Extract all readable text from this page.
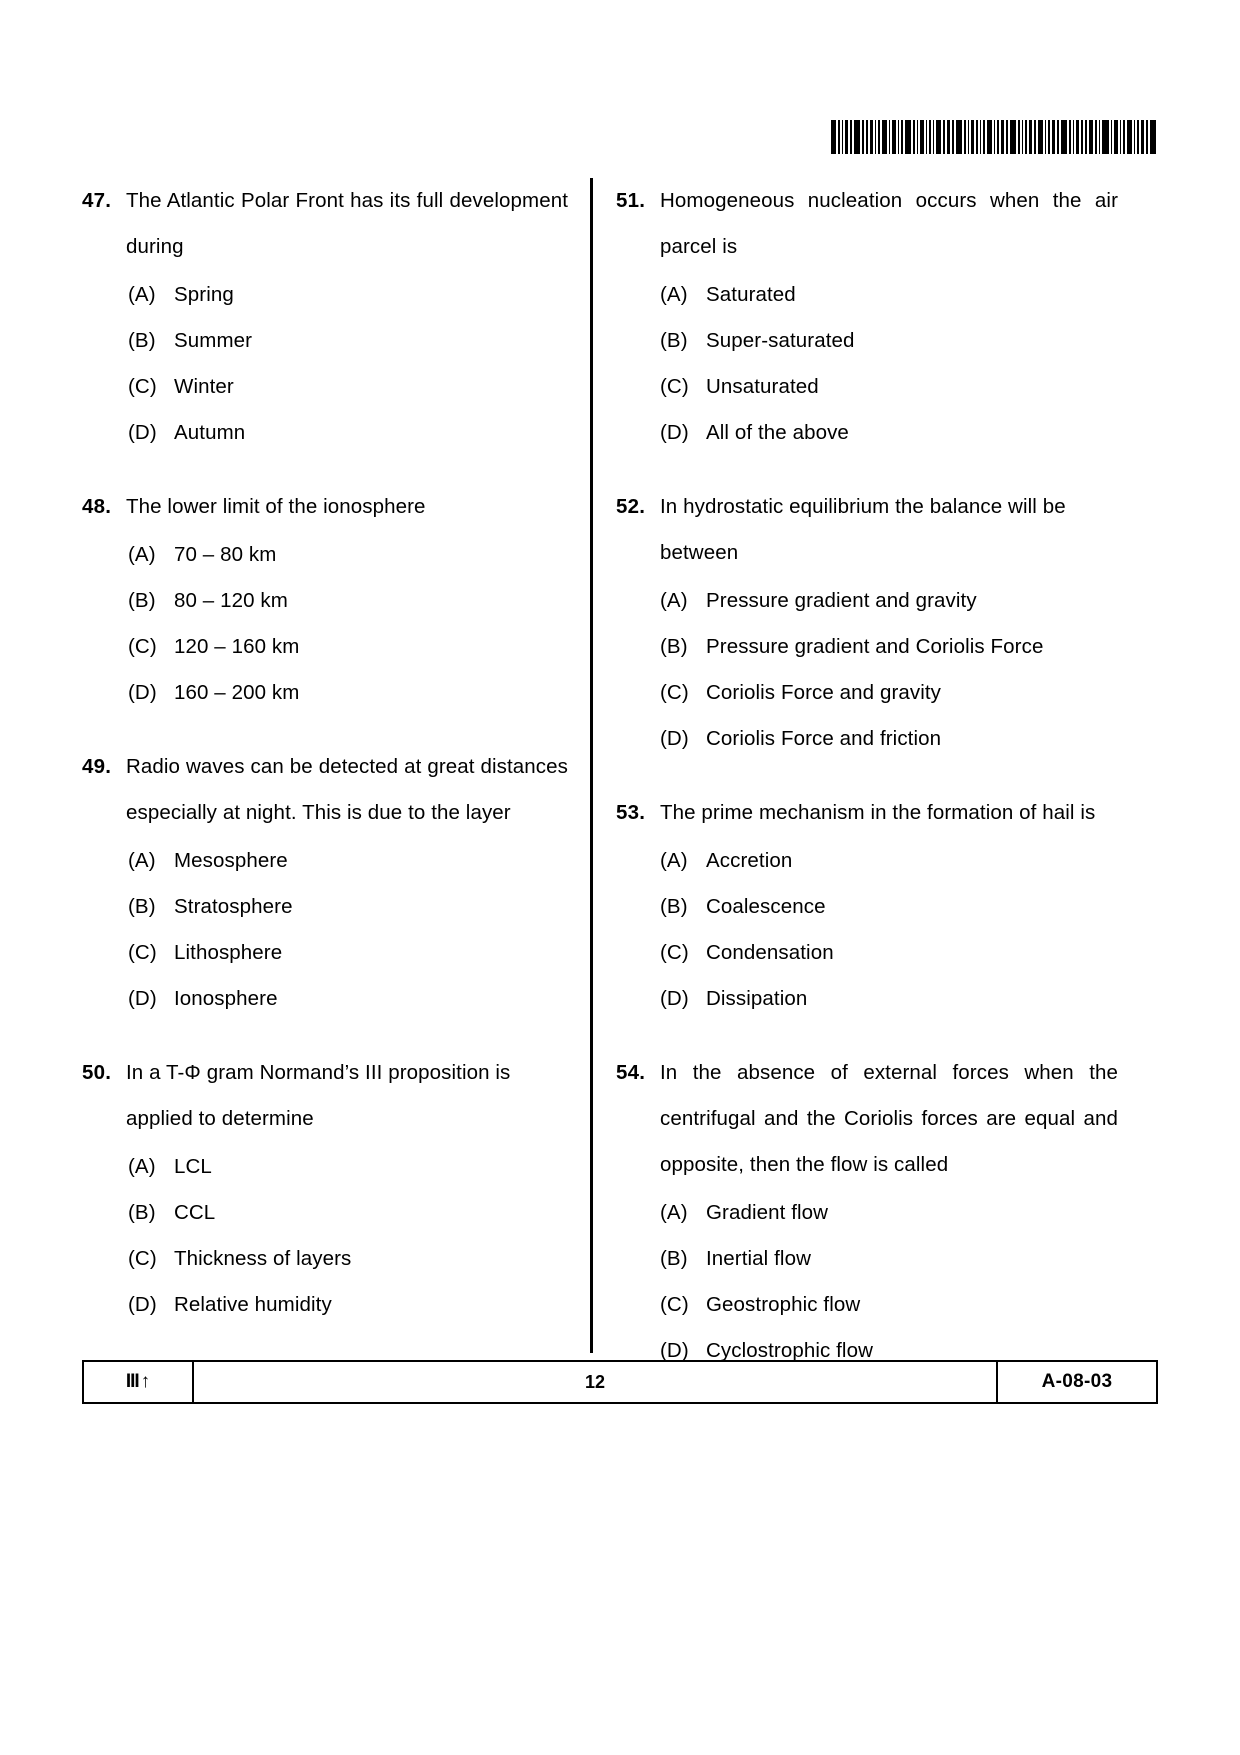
47. The Atlantic Polar Front has its full development during
(A) Spring
(B) Summer
(C) Winter
(D) Autumn
48. The lower limit of the ionosphere
(A) 70 – 80 km
(B) 80 – 120 km
(C) 120 – 160 km
(D) 160 – 200 km
49. Radio waves can be detected at great distances especially at night. This is due to the layer
(A) Mesosphere
(B) Stratosphere
(C) Lithosphere
(D) Ionosphere
50. In a T-Φ gram Normand’s III proposition is applied to determine
(A) LCL
(B) CCL
(C) Thickness of layers
(D) Relative humidity
51. Homogeneous nucleation occurs when the air parcel is
(A) Saturated
(B) Super-saturated
(C) Unsaturated
(D) All of the above
52. In hydrostatic equilibrium the balance will be between
(A) Pressure gradient and gravity
(B) Pressure gradient and Coriolis Force
(C) Coriolis Force and gravity
(D) Coriolis Force and friction
53. The prime mechanism in the formation of hail is
(A) Accretion
(B) Coalescence
(C) Condensation
(D) Dissipation
54. In the absence of external forces when the centrifugal and the Coriolis forces are equal and opposite, then the flow is called
(A) Gradient flow
(B) Inertial flow
(C) Geostrophic flow
(D) Cyclostrophic flow
III ↑	12	A-08-03
